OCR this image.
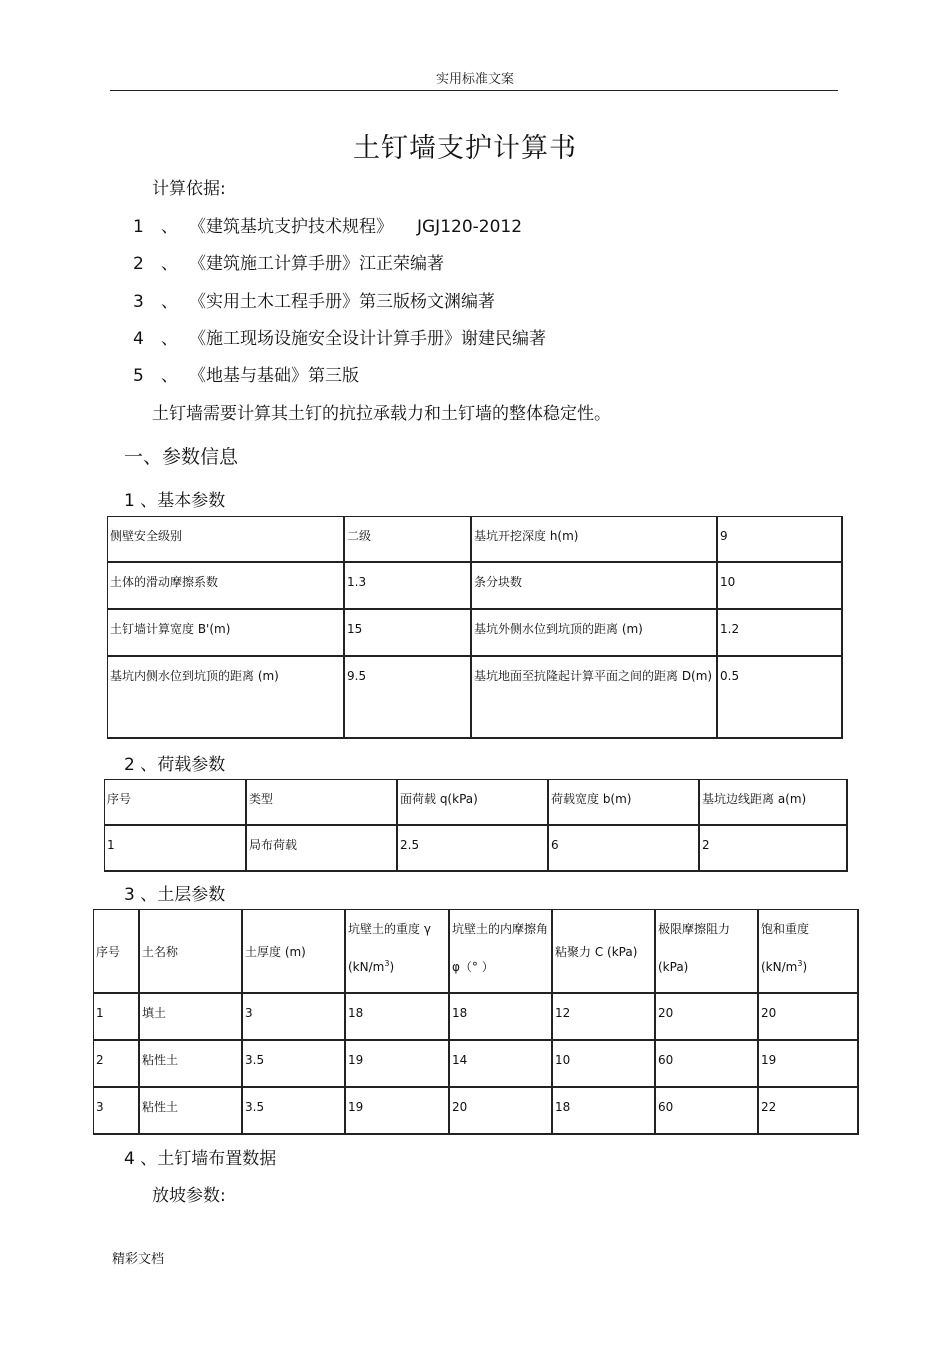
实用标准文案
土钉墙支护计算书
计算依据:
1 、 《建筑基坑支护技术规程》 JGJ120-2012
2 、 《建筑施工计算手册》江正荣编著
3 、 《实用土木工程手册》第三版杨文渊编著
4 、 《施工现场设施安全设计计算手册》谢建民编著
5 、 《地基与基础》第三版
土钉墙需要计算其土钉的抗拉承载力和土钉墙的整体稳定性。
一、参数信息
1 、基本参数
侧壁安全级别	二级	基坑开挖深度 h(m)	9
土体的滑动摩擦系数	1.3	条分块数	10
土钉墙计算宽度 B'(m)	15	基坑外侧水位到坑顶的距离 (m)	1.2
基坑内侧水位到坑顶的距离 (m)	9.5	基坑地面至抗隆起计算平面之间的距离 D(m)	0.5
2 、荷载参数
序号	类型	面荷载 q(kPa)	荷载宽度 b(m)	基坑边线距离 a(m)
1	局布荷载	2.5	6	2
3 、土层参数
序号	土名称	土厚度 (m)	坑壁土的重度 γ $(kN/m^3)$	坑壁土的内摩擦角φ（° ）	粘聚力 C (kPa)	极限摩擦阻力 (kPa)	饱和重度 $(kN/m^3)$
1	填土	3	18	18	12	20	20
2	粘性土	3.5	19	14	10	60	19
3	粘性土	3.5	19	20	18	60	22
4 、土钉墙布置数据
放坡参数:
精彩文档
